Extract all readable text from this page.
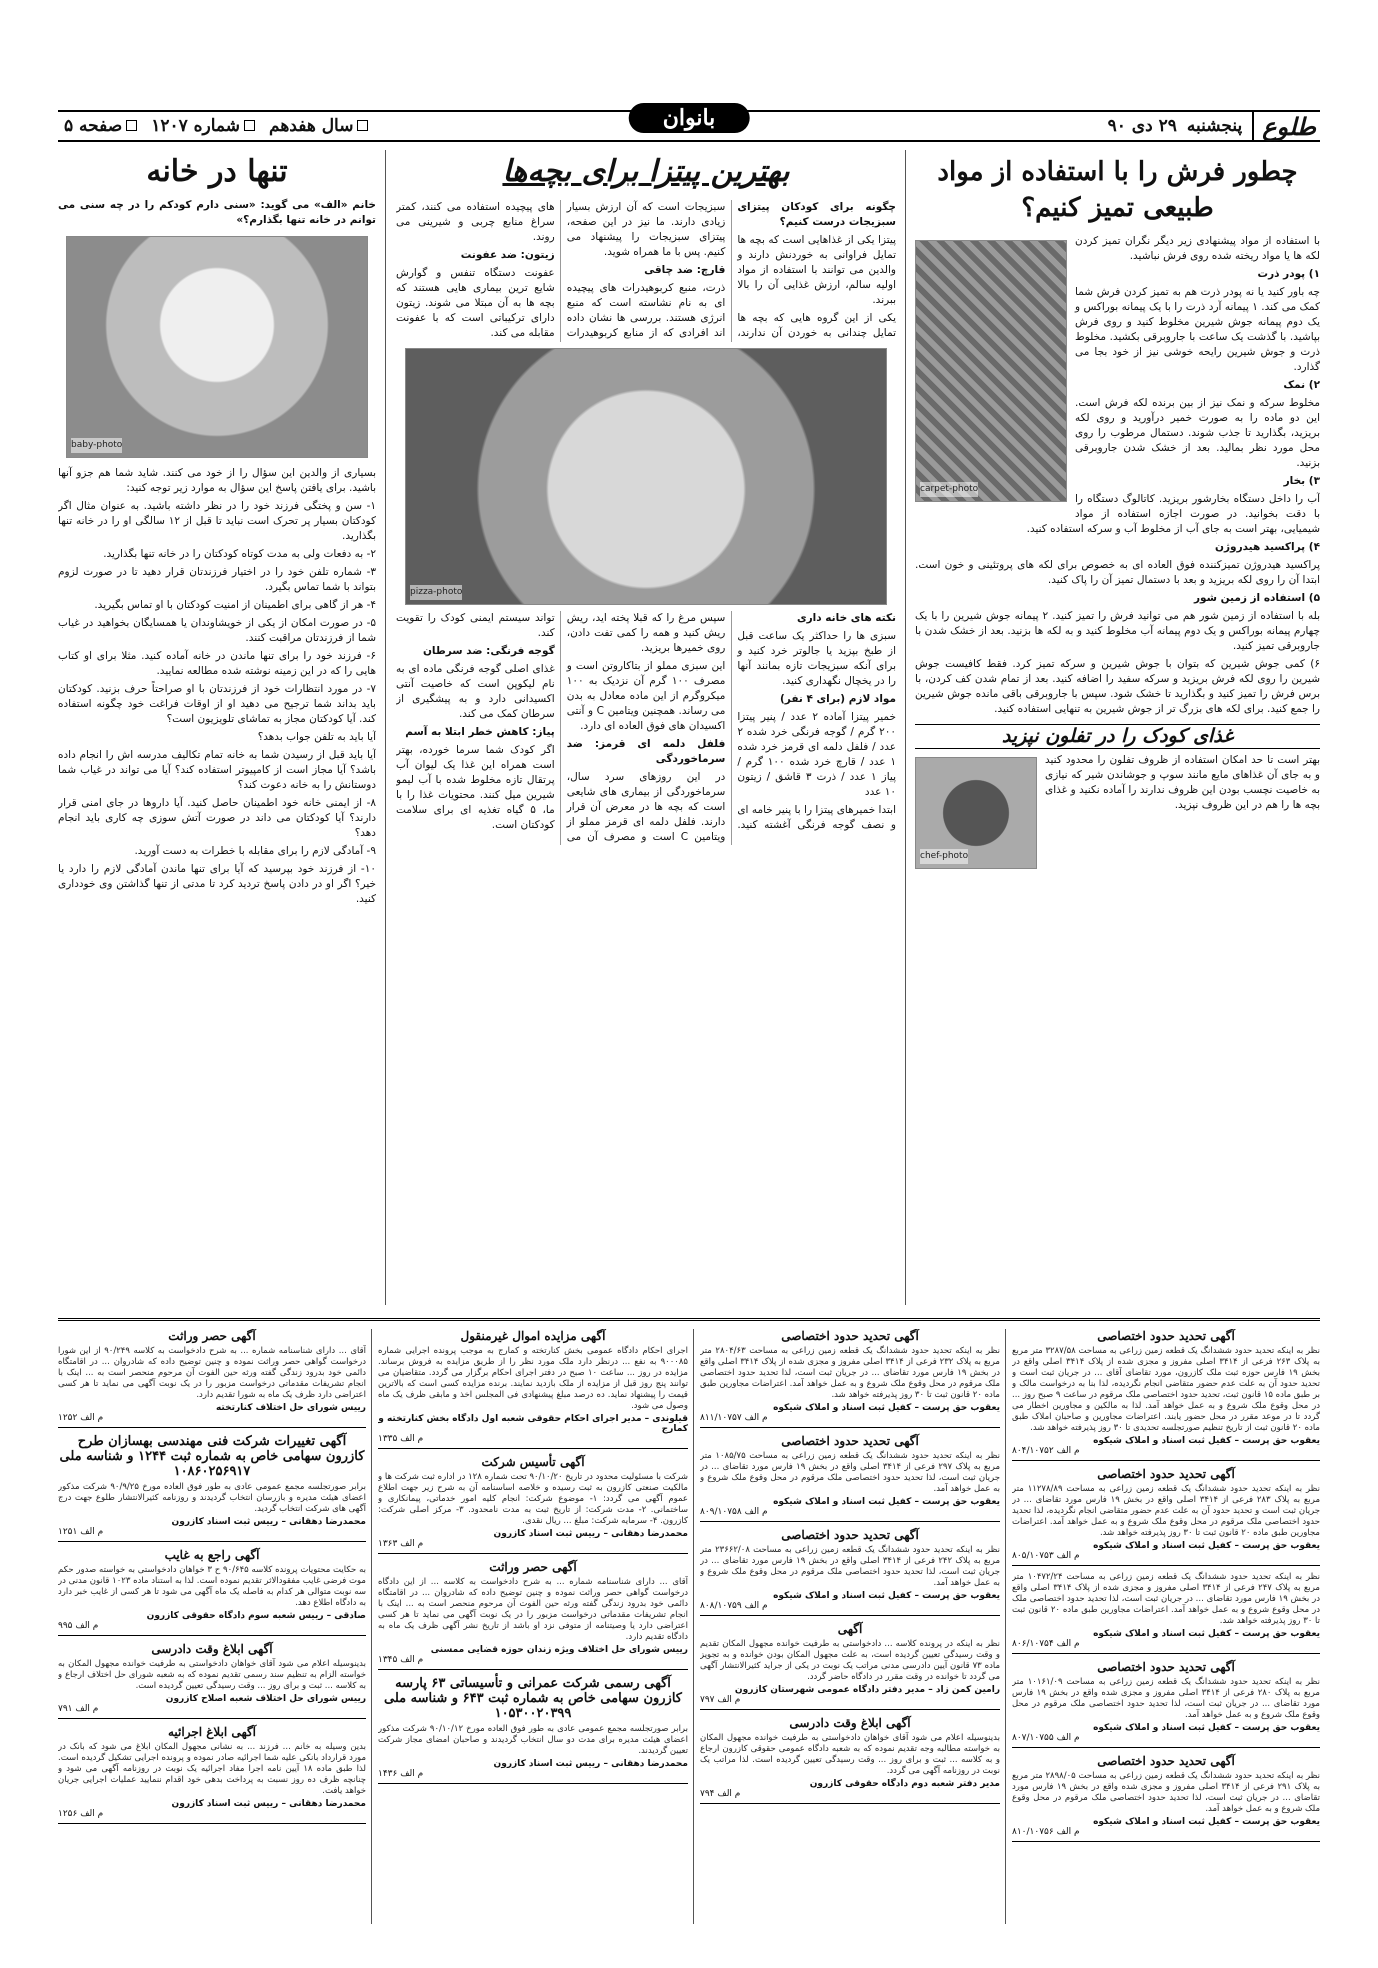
طلوع
پنجشنبه
۲۹ دی ۹۰
بانوان
سال هفدهم
شماره ۱۲۰۷
صفحه ۵
چطور فرش را با استفاده از مواد طبیعی تمیز کنیم؟
carpet-photo

با استفاده از مواد پیشنهادی زیر دیگر نگران تمیز کردن لکه ها یا مواد ریخته شده روی فرش نباشید.

۱) پودر ذرت

چه باور کنید یا نه پودر ذرت هم به تمیز کردن فرش شما کمک می کند. ۱ پیمانه آرد ذرت را با یک پیمانه بوراکس و یک دوم پیمانه جوش شیرین مخلوط کنید و روی فرش بپاشید. با گذشت یک ساعت با جاروبرقی بکشید. مخلوط ذرت و جوش شیرین رایحه خوشی نیز از خود بجا می گذارد.

۲) نمک

مخلوط سرکه و نمک نیز از بین برنده لکه فرش است. این دو ماده را به صورت خمیر درآورید و روی لکه بریزید، بگذارید تا جذب شوند. دستمال مرطوب را روی محل مورد نظر بمالید. بعد از خشک شدن جاروبرقی بزنید.

۳) بخار

آب را داخل دستگاه بخارشور بریزید. کاتالوگ دستگاه را با دقت بخوانید. در صورت اجازه استفاده از مواد شیمیایی، بهتر است به جای آب از مخلوط آب و سرکه استفاده کنید.

۴) پراکسید هیدروژن

پراکسید هیدروژن تمیزکننده فوق العاده ای به خصوص برای لکه های پروتئینی و خون است. ابتدا آن را روی لکه بریزید و بعد با دستمال تمیز آن را پاک کنید.

۵) استفاده از زمین شور

بله با استفاده از زمین شور هم می توانید فرش را تمیز کنید. ۲ پیمانه جوش شیرین را با یک چهارم پیمانه بوراکس و یک دوم پیمانه آب مخلوط کنید و به لکه ها بزنید. بعد از خشک شدن با جاروبرقی تمیز کنید.

۶) کمی جوش شیرین که بتوان با جوش شیرین و سرکه تمیز کرد. فقط کافیست جوش شیرین را روی لکه فرش بریزید و سرکه سفید را اضافه کنید. بعد از تمام شدن کف کردن، با برس فرش را تمیز کنید و بگذارید تا خشک شود. سپس با جاروبرقی باقی مانده جوش شیرین را جمع کنید. برای لکه های بزرگ تر از جوش شیرین به تنهایی استفاده کنید.

غذای کودک را در تفلون نپزید
chef-photo

بهتر است تا حد امکان استفاده از ظروف تفلون را محدود کنید و به جای آن غذاهای مایع مانند سوپ و جوشاندن شیر که نیازی به خاصیت نچسب بودن این ظروف ندارند را آماده نکنید و غذای بچه ها را هم در این ظروف نپزید.

بهترین پیتزا برای بچه‌ها

چگونه برای کودکان پیتزای سبزیجات درست کنیم؟

پیتزا یکی از غذاهایی است که بچه ها تمایل فراوانی به خوردنش دارند و والدین می توانند با استفاده از مواد اولیه سالم، ارزش غذایی آن را بالا ببرند.

یکی از این گروه هایی که بچه ها تمایل چندانی به خوردن آن ندارند، سبزیجات است که آن ارزش بسیار زیادی دارند. ما نیز در این صفحه، پیتزای سبزیجات را پیشنهاد می کنیم. پس با ما همراه شوید.

قارچ: ضد چاقی

ذرت، منبع کربوهیدرات های پیچیده ای به نام نشاسته است که منبع انرژی هستند. بررسی ها نشان داده اند افرادی که از منابع کربوهیدرات های پیچیده استفاده می کنند، کمتر سراغ منابع چربی و شیرینی می روند.

زیتون: ضد عفونت

عفونت دستگاه تنفس و گوارش شایع ترین بیماری هایی هستند که بچه ها به آن مبتلا می شوند. زیتون دارای ترکیباتی است که با عفونت مقابله می کند.

pizza-photo

نکته های خانه داری

سبزی ها را حداکثر یک ساعت قبل از طبخ بپزید یا جالوتر خرد کنید و برای آنکه سبزیجات تازه بمانند آنها را در یخچال نگهداری کنید.

مواد لازم (برای ۴ نفر)

خمیر پیتزا آماده ۲ عدد / پنیر پیتزا ۲۰۰ گرم / گوجه فرنگی خرد شده ۲ عدد / فلفل دلمه ای قرمز خرد شده ۱ عدد / قارچ خرد شده ۱۰۰ گرم / پیاز ۱ عدد / ذرت ۳ قاشق / زیتون ۱۰ عدد

ابتدا خمیرهای پیتزا را با پنیر خامه ای و نصف گوجه فرنگی آغشته کنید. سپس مرغ را که قبلا پخته اید، ریش ریش کنید و همه را کمی تفت دادن، روی خمیرها بریزید.

این سبزی مملو از بتاکاروتن است و مصرف ۱۰۰ گرم آن نزدیک به ۱۰۰ میکروگرم از این ماده معادل به بدن می رساند. همچنین ویتامین C و آنتی اکسیدان های فوق العاده ای دارد.

فلفل دلمه ای قرمز: ضد سرماخوردگی

در این روزهای سرد سال، سرماخوردگی از بیماری های شایعی است که بچه ها در معرض آن قرار دارند. فلفل دلمه ای قرمز مملو از ویتامین C است و مصرف آن می تواند سیستم ایمنی کودک را تقویت کند.

گوجه فرنگی: ضد سرطان

غذای اصلی گوجه فرنگی ماده ای به نام لیکوپن است که خاصیت آنتی اکسیدانی دارد و به پیشگیری از سرطان کمک می کند.

پیاز: کاهش خطر ابتلا به آسم

اگر کودک شما سرما خورده، بهتر است همراه این غذا یک لیوان آب پرتقال تازه مخلوط شده با آب لیمو شیرین میل کنند. محتویات غذا را با ما، ۵ گیاه تغذیه ای برای سلامت کودکتان است.

تنها در خانه

خانم «الف» می گوید: «سنی دارم کودکم را در چه سنی می توانم در خانه تنها بگذارم؟»

baby-photo

بسیاری از والدین این سؤال را از خود می کنند. شاید شما هم جزو آنها باشید. برای یافتن پاسخ این سؤال به موارد زیر توجه کنید:

۱- سن و پختگی فرزند خود را در نظر داشته باشید. به عنوان مثال اگر کودکتان بسیار پر تحرک است نباید تا قبل از ۱۲ سالگی او را در خانه تنها بگذارید.

۲- به دفعات ولی به مدت کوتاه کودکتان را در خانه تنها بگذارید.

۳- شماره تلفن خود را در اختیار فرزندتان قرار دهید تا در صورت لزوم بتواند با شما تماس بگیرد.

۴- هر از گاهی برای اطمینان از امنیت کودکتان با او تماس بگیرید.

۵- در صورت امکان از یکی از خویشاوندان یا همسایگان بخواهید در غیاب شما از فرزندتان مراقبت کنند.

۶- فرزند خود را برای تنها ماندن در خانه آماده کنید. مثلا برای او کتاب هایی را که در این زمینه نوشته شده مطالعه نمایید.

۷- در مورد انتظارات خود از فرزندتان با او صراحتاً حرف بزنید. کودکتان باید بداند شما ترجیح می دهید او از اوقات فراغت خود چگونه استفاده کند. آیا کودکتان مجاز به تماشای تلویزیون است؟

آیا باید به تلفن جواب بدهد؟

آیا باید قبل از رسیدن شما به خانه تمام تکالیف مدرسه اش را انجام داده باشد؟ آیا مجاز است از کامپیوتر استفاده کند؟ آیا می تواند در غیاب شما دوستانش را به خانه دعوت کند؟

۸- از ایمنی خانه خود اطمینان حاصل کنید. آیا داروها در جای امنی قرار دارند؟ آیا کودکتان می داند در صورت آتش سوزی چه کاری باید انجام دهد؟

۹- آمادگی لازم را برای مقابله با خطرات به دست آورید.

۱۰- از فرزند خود بپرسید که آیا برای تنها ماندن آمادگی لازم را دارد یا خیر؟ اگر او در دادن پاسخ تردید کرد تا مدتی از تنها گذاشتن وی خودداری کنید.

آگهی تحدید حدود اختصاصی
نظر به اینکه تحدید حدود ششدانگ یک قطعه زمین زراعی به مساحت ۳۲۸۷/۵۸ متر مربع به پلاک ۲۶۳ فرعی از ۳۴۱۴ اصلی مفروز و مجزی شده از پلاک ۳۴۱۴ اصلی واقع در بخش ۱۹ فارس حوزه ثبت ملک کازرون، مورد تقاضای آقای ... در جریان ثبت است و تحدید حدود آن به علت عدم حضور متقاضی انجام نگردیده، لذا بنا به درخواست مالک و بر طبق ماده ۱۵ قانون ثبت، تحدید حدود اختصاصی ملک مرقوم در ساعت ۹ صبح روز ... در محل وقوع ملک شروع و به عمل خواهد آمد. لذا به مالکین و مجاورین اخطار می گردد تا در موعد مقرر در محل حضور یابند. اعتراضات مجاورین و صاحبان املاک طبق ماده ۲۰ قانون ثبت از تاریخ تنظیم صورتجلسه تحدیدی تا ۳۰ روز پذیرفته خواهد شد.
یعقوب حق پرست – کفیل ثبت اسناد و املاک شیکوه
م الف ۸۰۴/۱۰۷۵۲
آگهی تحدید حدود اختصاصی
نظر به اینکه تحدید حدود ششدانگ یک قطعه زمین زراعی به مساحت ۱۱۲۷۸/۸۹ متر مربع به پلاک ۲۸۳ فرعی از ۳۴۱۴ اصلی واقع در بخش ۱۹ فارس مورد تقاضای ... در جریان ثبت است و تحدید حدود آن به علت عدم حضور متقاضی انجام نگردیده، لذا تحدید حدود اختصاصی ملک مرقوم در محل وقوع ملک شروع و به عمل خواهد آمد. اعتراضات مجاورین طبق ماده ۲۰ قانون ثبت تا ۳۰ روز پذیرفته خواهد شد.
یعقوب حق پرست – کفیل ثبت اسناد و املاک شیکوه
م الف ۸۰۵/۱۰۷۵۳
نظر به اینکه تحدید حدود ششدانگ یک قطعه زمین زراعی به مساحت ۱۰۴۷۲/۲۴ متر مربع به پلاک ۲۴۷ فرعی از ۳۴۱۴ اصلی مفروز و مجزی شده از پلاک ۳۴۱۴ اصلی واقع در بخش ۱۹ فارس مورد تقاضای ... در جریان ثبت است، لذا تحدید حدود اختصاصی ملک در محل وقوع شروع و به عمل خواهد آمد. اعتراضات مجاورین طبق ماده ۲۰ قانون ثبت تا ۳۰ روز پذیرفته خواهد شد.
یعقوب حق پرست – کفیل ثبت اسناد و املاک شیکوه
م الف ۸۰۶/۱۰۷۵۴
آگهی تحدید حدود اختصاصی
نظر به اینکه تحدید حدود ششدانگ یک قطعه زمین زراعی به مساحت ۱۰۱۶۱/۰۹ متر مربع به پلاک ۲۸۰ فرعی از ۳۴۱۴ اصلی مفروز و مجزی شده واقع در بخش ۱۹ فارس مورد تقاضای ... در جریان ثبت است، لذا تحدید حدود اختصاصی ملک مرقوم در محل وقوع ملک شروع و به عمل خواهد آمد.
یعقوب حق پرست – کفیل ثبت اسناد و املاک شیکوه
م الف ۸۰۷/۱۰۷۵۵
آگهی تحدید حدود اختصاصی
نظر به اینکه تحدید حدود ششدانگ یک قطعه زمین زراعی به مساحت ۲۸۹۸/۰۵ متر مربع به پلاک ۲۹۱ فرعی از ۳۴۱۴ اصلی مفروز و مجزی شده واقع در بخش ۱۹ فارس مورد تقاضای ... در جریان ثبت است، لذا تحدید حدود اختصاصی ملک مرقوم در محل وقوع ملک شروع و به عمل خواهد آمد.
یعقوب حق پرست – کفیل ثبت اسناد و املاک شیکوه
م الف ۸۱۰/۱۰۷۵۶
آگهی تحدید حدود اختصاصی
نظر به اینکه تحدید حدود ششدانگ یک قطعه زمین زراعی به مساحت ۲۸۰۴/۶۳ متر مربع به پلاک ۲۳۲ فرعی از ۳۴۱۴ اصلی مفروز و مجزی شده از پلاک ۳۴۱۴ اصلی واقع در بخش ۱۹ فارس مورد تقاضای ... در جریان ثبت است، لذا تحدید حدود اختصاصی ملک مرقوم در محل وقوع ملک شروع و به عمل خواهد آمد. اعتراضات مجاورین طبق ماده ۲۰ قانون ثبت تا ۳۰ روز پذیرفته خواهد شد.
یعقوب حق پرست – کفیل ثبت اسناد و املاک شیکوه
م الف ۸۱۱/۱۰۷۵۷
آگهی تحدید حدود اختصاصی
نظر به اینکه تحدید حدود ششدانگ یک قطعه زمین زراعی به مساحت ۱۰۸۵/۷۵ متر مربع به پلاک ۲۹۷ فرعی از ۳۴۱۴ اصلی واقع در بخش ۱۹ فارس مورد تقاضای ... در جریان ثبت است، لذا تحدید حدود اختصاصی ملک مرقوم در محل وقوع ملک شروع و به عمل خواهد آمد.
یعقوب حق پرست – کفیل ثبت اسناد و املاک شیکوه
م الف ۸۰۹/۱۰۷۵۸
آگهی تحدید حدود اختصاصی
نظر به اینکه تحدید حدود ششدانگ یک قطعه زمین زراعی به مساحت ۲۳۶۶۲/۰۸ متر مربع به پلاک ۲۴۲ فرعی از ۳۴۱۴ اصلی واقع در بخش ۱۹ فارس مورد تقاضای ... در جریان ثبت است، لذا تحدید حدود اختصاصی ملک مرقوم در محل وقوع ملک شروع و به عمل خواهد آمد.
یعقوب حق پرست – کفیل ثبت اسناد و املاک شیکوه
م الف ۸۰۸/۱۰۷۵۹
آگهی
نظر به اینکه در پرونده کلاسه ... دادخواستی به طرفیت خوانده مجهول المکان تقدیم و وقت رسیدگی تعیین گردیده است، به علت مجهول المکان بودن خوانده و به تجویز ماده ۷۳ قانون آیین دادرسی مدنی مراتب یک نوبت در یکی از جراید کثیرالانتشار آگهی می گردد تا خوانده در وقت مقرر در دادگاه حاضر گردد.
رامین کمن زاد – مدیر دفتر دادگاه عمومی شهرستان کازرون
م الف ۷۹۷
آگهی ابلاغ وقت دادرسی
بدینوسیله اعلام می شود آقای خواهان دادخواستی به طرفیت خوانده مجهول المکان به خواسته مطالبه وجه تقدیم نموده که به شعبه دادگاه عمومی حقوقی کازرون ارجاع و به کلاسه ... ثبت و برای روز ... وقت رسیدگی تعیین گردیده است. لذا مراتب یک نوبت در روزنامه آگهی می گردد.
مدیر دفتر شعبه دوم دادگاه حقوقی کازرون
م الف ۷۹۴
آگهی مزایده اموال غیرمنقول
اجرای احکام دادگاه عمومی بخش کنارتخته و کمارج به موجب پرونده اجرایی شماره ۹۰۰۰۸۵ به نفع ... درنظر دارد ملک مورد نظر را از طریق مزایده به فروش برساند. مزایده در روز ... ساعت ۱۰ صبح در دفتر اجرای احکام برگزار می گردد. متقاضیان می توانند پنج روز قبل از مزایده از ملک بازدید نمایند. برنده مزایده کسی است که بالاترین قیمت را پیشنهاد نماید. ده درصد مبلغ پیشنهادی فی المجلس اخذ و مابقی ظرف یک ماه وصول می شود.
قیلوندی – مدیر اجرای احکام حقوقی شعبه اول دادگاه بخش کنارتخته و کمارج
م الف ۱۳۳۵
آگهی تأسیس شرکت
شرکت با مسئولیت محدود در تاریخ ۹۰/۱۰/۲۰ تحت شماره ۱۲۸ در اداره ثبت شرکت ها و مالکیت صنعتی کازرون به ثبت رسیده و خلاصه اساسنامه آن به شرح زیر جهت اطلاع عموم آگهی می گردد: ۱- موضوع شرکت: انجام کلیه امور خدماتی، پیمانکاری و ساختمانی. ۲- مدت شرکت: از تاریخ ثبت به مدت نامحدود. ۳- مرکز اصلی شرکت: کازرون. ۴- سرمایه شرکت: مبلغ ... ریال نقدی.
محمدرضا دهقانی – رییس ثبت اسناد کازرون
م الف ۱۳۶۳
آگهی حصر وراثت
آقای ... دارای شناسنامه شماره ... به شرح دادخواست به کلاسه ... از این دادگاه درخواست گواهی حصر وراثت نموده و چنین توضیح داده که شادروان ... در اقامتگاه دائمی خود بدرود زندگی گفته ورثه حین الفوت آن مرحوم منحصر است به ... اینک با انجام تشریفات مقدماتی درخواست مزبور را در یک نوبت آگهی می نماید تا هر کسی اعتراضی دارد یا وصیتنامه از متوفی نزد او باشد از تاریخ نشر آگهی ظرف یک ماه به دادگاه تقدیم دارد.
رییس شورای حل اختلاف ویژه زندان حوزه قضایی ممسنی
م الف ۱۳۴۵
آگهی رسمی شرکت عمرانی و تأسیساتی ۶۳ پارسه کازرون سهامی خاص به شماره ثبت ۶۴۳ و شناسه ملی ۱۰۵۳۰۰۲۰۳۹۹
برابر صورتجلسه مجمع عمومی عادی به طور فوق العاده مورخ ۹۰/۱۰/۱۲ شرکت مذکور اعضای هیئت مدیره برای مدت دو سال انتخاب گردیدند و صاحبان امضای مجاز شرکت تعیین گردیدند.
محمدرضا دهقانی – رییس ثبت اسناد کازرون
م الف ۱۴۳۶
آگهی حصر وراثت
آقای ... دارای شناسنامه شماره ... به شرح دادخواست به کلاسه ۹۰/۲۴۹ از این شورا درخواست گواهی حصر وراثت نموده و چنین توضیح داده که شادروان ... در اقامتگاه دائمی خود بدرود زندگی گفته ورثه حین الفوت آن مرحوم منحصر است به ... اینک با انجام تشریفات مقدماتی درخواست مزبور را در یک نوبت آگهی می نماید تا هر کسی اعتراضی دارد ظرف یک ماه به شورا تقدیم دارد.
رییس شورای حل اختلاف کنارتخته
م الف ۱۲۵۲
آگهی تغییرات شرکت فنی مهندسی بهسازان طرح کازرون سهامی خاص به شماره ثبت ۱۲۴۴ و شناسه ملی ۱۰۸۶۰۲۵۶۹۱۷
برابر صورتجلسه مجمع عمومی عادی به طور فوق العاده مورخ ۹۰/۹/۲۵ شرکت مذکور اعضای هیئت مدیره و بازرسان انتخاب گردیدند و روزنامه کثیرالانتشار طلوع جهت درج آگهی های شرکت انتخاب گردید.
محمدرضا دهقانی – رییس ثبت اسناد کازرون
م الف ۱۲۵۱
آگهی راجع به غایب
به حکایت محتویات پرونده کلاسه ۹۰/۶۴۵ ح ۳ خواهان دادخواستی به خواسته صدور حکم موت فرضی غایب مفقودالاثر تقدیم نموده است. لذا به استناد ماده ۱۰۲۳ قانون مدنی در سه نوبت متوالی هر کدام به فاصله یک ماه آگهی می شود تا هر کسی از غایب خبر دارد به دادگاه اطلاع دهد.
صادقی – رییس شعبه سوم دادگاه حقوقی کازرون
م الف ۹۹۵
آگهی ابلاغ وقت دادرسی
بدینوسیله اعلام می شود آقای خواهان دادخواستی به طرفیت خوانده مجهول المکان به خواسته الزام به تنظیم سند رسمی تقدیم نموده که به شعبه شورای حل اختلاف ارجاع و به کلاسه ... ثبت و برای روز ... وقت رسیدگی تعیین گردیده است.
رییس شورای حل اختلاف شعبه اصلاح کازرون
م الف ۷۹۱
آگهی ابلاغ اجرائیه
بدین وسیله به خانم ... فرزند ... به نشانی مجهول المکان ابلاغ می شود که بانک در مورد قرارداد بانکی علیه شما اجرائیه صادر نموده و پرونده اجرایی تشکیل گردیده است. لذا طبق ماده ۱۸ آیین نامه اجرا مفاد اجرائیه یک نوبت در روزنامه آگهی می شود و چنانچه ظرف ده روز نسبت به پرداخت بدهی خود اقدام ننمایید عملیات اجرایی جریان خواهد یافت.
محمدرضا دهقانی – رییس ثبت اسناد کازرون
م الف ۱۲۵۶
